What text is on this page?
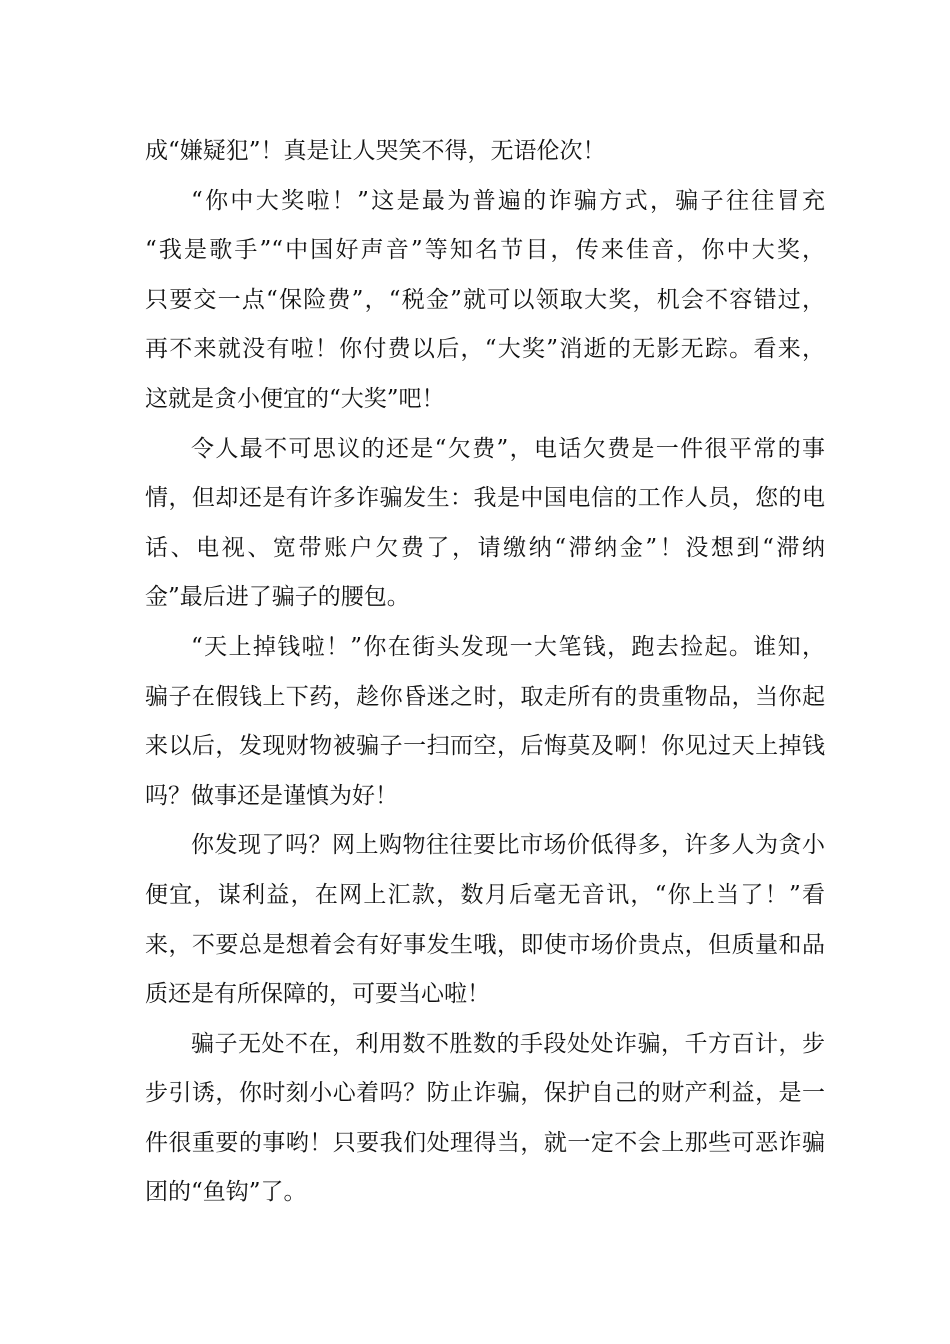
成“嫌疑犯”！真是让人哭笑不得，无语伦次！
“你中大奖啦！”这是最为普遍的诈骗方式，骗子往往冒充
“我是歌手”“中国好声音”等知名节目，传来佳音，你中大奖，
只要交一点“保险费”，“税金”就可以领取大奖，机会不容错过，
再不来就没有啦！你付费以后，“大奖”消逝的无影无踪。看来，
这就是贪小便宜的“大奖”吧！
令人最不可思议的还是“欠费”，电话欠费是一件很平常的事
情，但却还是有许多诈骗发生：我是中国电信的工作人员，您的电
话、电视、宽带账户欠费了，请缴纳“滞纳金”！没想到“滞纳
金”最后进了骗子的腰包。
“天上掉钱啦！”你在街头发现一大笔钱，跑去捡起。谁知，
骗子在假钱上下药，趁你昏迷之时，取走所有的贵重物品，当你起
来以后，发现财物被骗子一扫而空，后悔莫及啊！你见过天上掉钱
吗？做事还是谨慎为好！
你发现了吗？网上购物往往要比市场价低得多，许多人为贪小
便宜，谋利益，在网上汇款，数月后毫无音讯，“你上当了！”看
来，不要总是想着会有好事发生哦，即使市场价贵点，但质量和品
质还是有所保障的，可要当心啦！
骗子无处不在，利用数不胜数的手段处处诈骗，千方百计，步
步引诱，你时刻小心着吗？防止诈骗，保护自己的财产利益，是一
件很重要的事哟！只要我们处理得当，就一定不会上那些可恶诈骗
团的“鱼钩”了。
